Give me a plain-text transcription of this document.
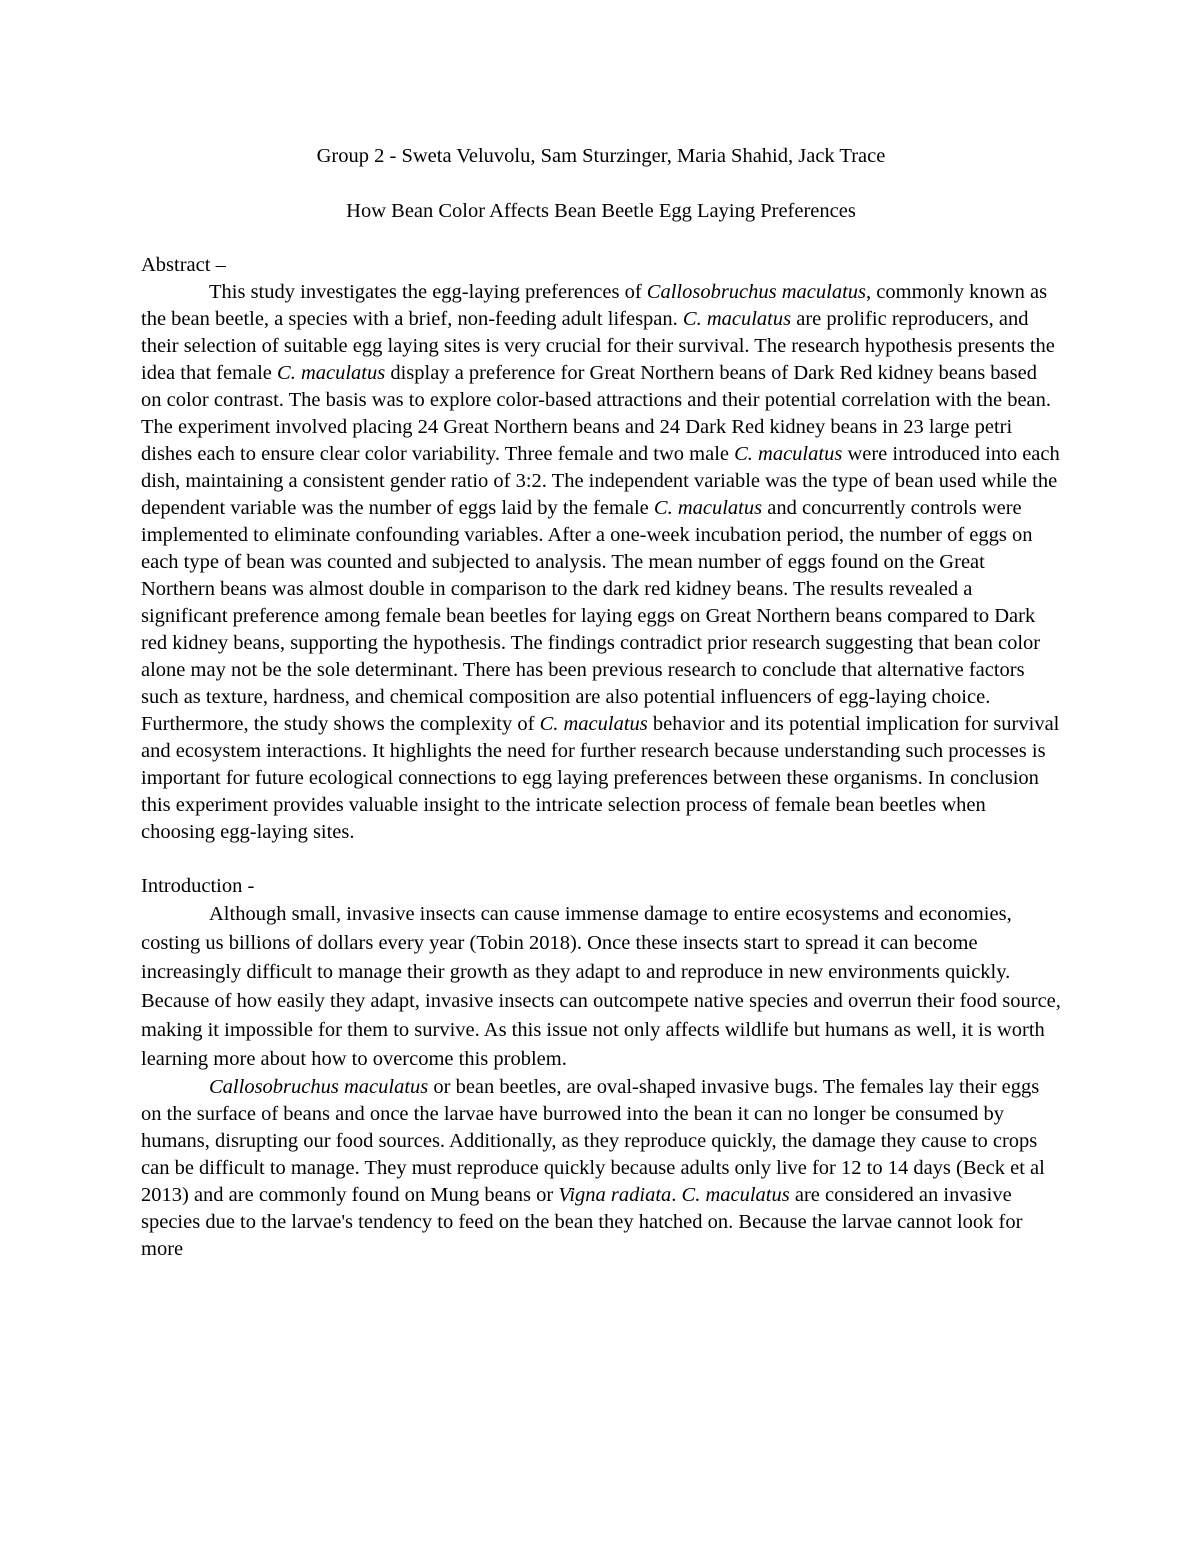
Group 2 - Sweta Veluvolu, Sam Sturzinger, Maria Shahid, Jack Trace

How Bean Color Affects Bean Beetle Egg Laying Preferences

Abstract –

This study investigates the egg-laying preferences of Callosobruchus maculatus, commonly known as the bean beetle, a species with a brief, non-feeding adult lifespan. C. maculatus are prolific reproducers, and their selection of suitable egg laying sites is very crucial for their survival. The research hypothesis presents the idea that female C. maculatus display a preference for Great Northern beans of Dark Red kidney beans based on color contrast. The basis was to explore color-based attractions and their potential correlation with the bean. The experiment involved placing 24 Great Northern beans and 24 Dark Red kidney beans in 23 large petri dishes each to ensure clear color variability. Three female and two male C. maculatus were introduced into each dish, maintaining a consistent gender ratio of 3:2. The independent variable was the type of bean used while the dependent variable was the number of eggs laid by the female C. maculatus and concurrently controls were implemented to eliminate confounding variables. After a one-week incubation period, the number of eggs on each type of bean was counted and subjected to analysis. The mean number of eggs found on the Great Northern beans was almost double in comparison to the dark red kidney beans. The results revealed a significant preference among female bean beetles for laying eggs on Great Northern beans compared to Dark red kidney beans, supporting the hypothesis. The findings contradict prior research suggesting that bean color alone may not be the sole determinant. There has been previous research to conclude that alternative factors such as texture, hardness, and chemical composition are also potential influencers of egg-laying choice. Furthermore, the study shows the complexity of C. maculatus behavior and its potential implication for survival and ecosystem interactions. It highlights the need for further research because understanding such processes is important for future ecological connections to egg laying preferences between these organisms. In conclusion this experiment provides valuable insight to the intricate selection process of female bean beetles when choosing egg-laying sites.

Introduction -

Although small, invasive insects can cause immense damage to entire ecosystems and economies, costing us billions of dollars every year (Tobin 2018). Once these insects start to spread it can become increasingly difficult to manage their growth as they adapt to and reproduce in new environments quickly. Because of how easily they adapt, invasive insects can outcompete native species and overrun their food source, making it impossible for them to survive. As this issue not only affects wildlife but humans as well, it is worth learning more about how to overcome this problem.

Callosobruchus maculatus or bean beetles, are oval-shaped invasive bugs. The females lay their eggs on the surface of beans and once the larvae have burrowed into the bean it can no longer be consumed by humans, disrupting our food sources. Additionally, as they reproduce quickly, the damage they cause to crops can be difficult to manage. They must reproduce quickly because adults only live for 12 to 14 days (Beck et al 2013) and are commonly found on Mung beans or Vigna radiata. C. maculatus are considered an invasive species due to the larvae's tendency to feed on the bean they hatched on. Because the larvae cannot look for more
